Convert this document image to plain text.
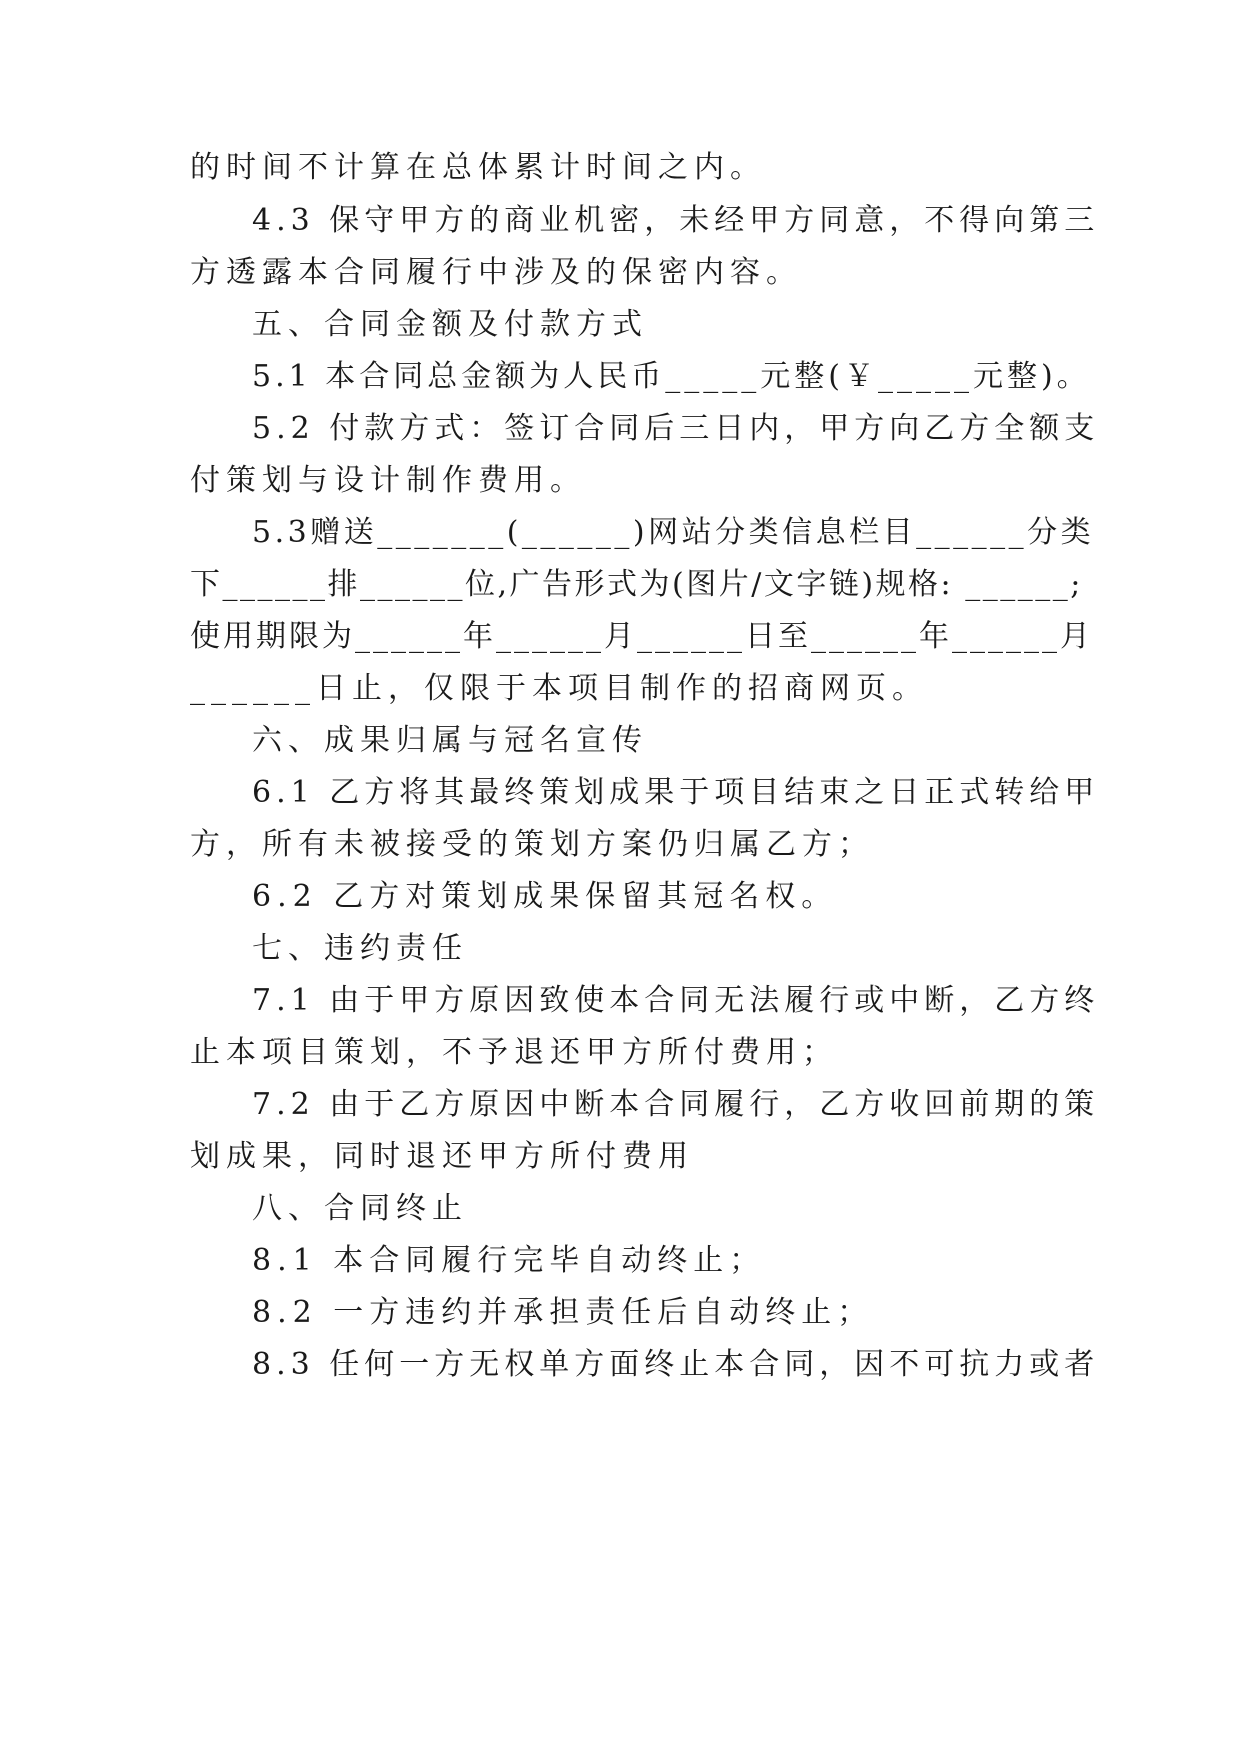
的时间不计算在总体累计时间之内。
4.3 保守甲方的商业机密，未经甲方同意，不得向第三
方透露本合同履行中涉及的保密内容。
五、合同金额及付款方式
5.1 本合同总金额为人民币_____元整(￥_____元整)。
5.2 付款方式：签订合同后三日内，甲方向乙方全额支
付策划与设计制作费用。
5.3赠送_______(______)网站分类信息栏目______分类
下______排______位,广告形式为(图片/文字链)规格: ______;
使用期限为______年______月______日至______年______月
______日止，仅限于本项目制作的招商网页。
六、成果归属与冠名宣传
6.1 乙方将其最终策划成果于项目结束之日正式转给甲
方，所有未被接受的策划方案仍归属乙方；
6.2 乙方对策划成果保留其冠名权。
七、违约责任
7.1 由于甲方原因致使本合同无法履行或中断，乙方终
止本项目策划，不予退还甲方所付费用；
7.2 由于乙方原因中断本合同履行，乙方收回前期的策
划成果，同时退还甲方所付费用
八、合同终止
8.1 本合同履行完毕自动终止；
8.2 一方违约并承担责任后自动终止；
8.3 任何一方无权单方面终止本合同，因不可抗力或者
